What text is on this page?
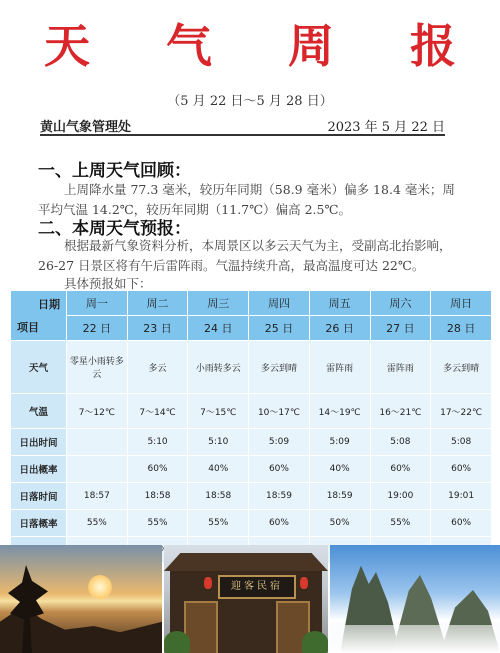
天 气 周 报
（5 月 22 日～5 月 28 日）
黄山气象管理处	2023 年 5 月 22 日
一、上周天气回顾：
上周降水量 77.3 毫米，较历年同期（58.9 毫米）偏多 18.4 毫米；周平均气温 14.2℃，较历年同期（11.7℃）偏高 2.5℃。
二、本周天气预报：
根据最新气象资料分析，本周景区以多云天气为主，受副高北抬影响，26-27 日景区将有午后雷阵雨。气温持续升高，最高温度可达 22℃。
具体预报如下：
日期
项目	周一	周二	周三	周四	周五	周六	周日
	22 日	23 日	24 日	25 日	26 日	27 日	28 日
天气	零星小雨转多云	多云	小雨转多云	多云到晴	雷阵雨	雷阵雨	多云到晴
气温	7～12℃	7～14℃	7～15℃	10～17℃	14～19℃	16～21℃	17～22℃
日出时间		5:10	5:10	5:09	5:09	5:08	5:08
日出概率		60%	40%	60%	40%	60%	60%
日落时间	18:57	18:58	18:58	18:59	18:59	19:00	19:01
日落概率	55%	55%	55%	60%	50%	55%	60%

迎客民宿
